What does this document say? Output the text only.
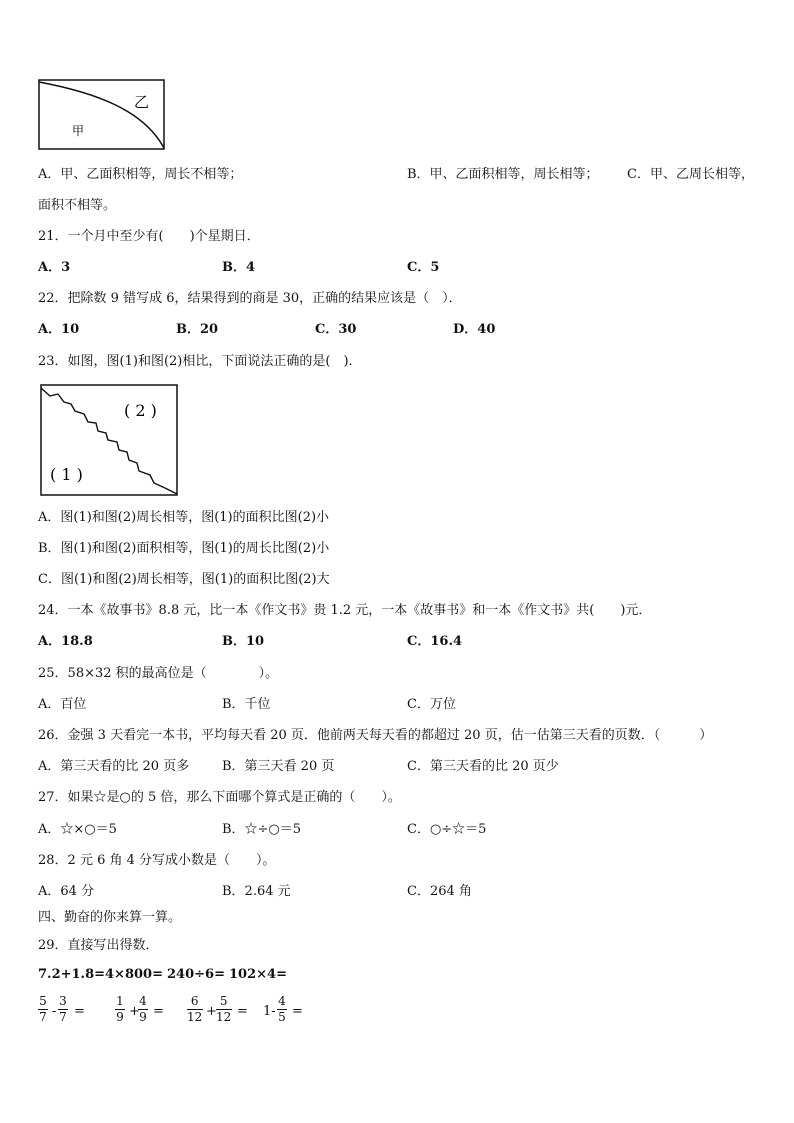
乙
甲
A．甲、乙面积相等，周长不相等；	B．甲、乙面积相等，周长相等； C．甲、乙周长相等，
面积不相等。
21．一个月中至少有(　　)个星期日．
A．3	B．4	C．5
22．把除数 9 错写成 6，结果得到的商是 30，正确的结果应该是（　）．
A．10	B．20	C．30	D．40
23．如图，图(1)和图(2)相比，下面说法正确的是(　)．
( 2 )
( 1 )
A．图(1)和图(2)周长相等，图(1)的面积比图(2)小
B．图(1)和图(2)面积相等，图(1)的周长比图(2)小
C．图(1)和图(2)周长相等，图(1)的面积比图(2)大
24．一本《故事书》8.8 元，比一本《作文书》贵 1.2 元，一本《故事书》和一本《作文书》共(　　)元．
A．18.8	B．10	C．16.4
25．58×32 积的最高位是（　　　　）。
A．百位	B．千位	C．万位
26．金强 3 天看完一本书，平均每天看 20 页．他前两天每天看的都超过 20 页，估一估第三天看的页数．（　　　）
A．第三天看的比 20 页多	B．第三天看 20 页	C．第三天看的比 20 页少
27．如果☆是○的 5 倍，那么下面哪个算式是正确的（　　）。
A．☆×○＝5	B．☆÷○＝5	C．○÷☆＝5
28．2 元 6 角 4 分写成小数是（　　）。
A．64 分	B．2.64 元	C．264 角
四、勤奋的你来算一算。
29．直接写出得数．
7.2+1.8= 4×800= 240÷6= 102×4=
5
7 -
3
7 =
1
9 +
4
9 =
6
12 +
5
12 = 1-
4
5 =
